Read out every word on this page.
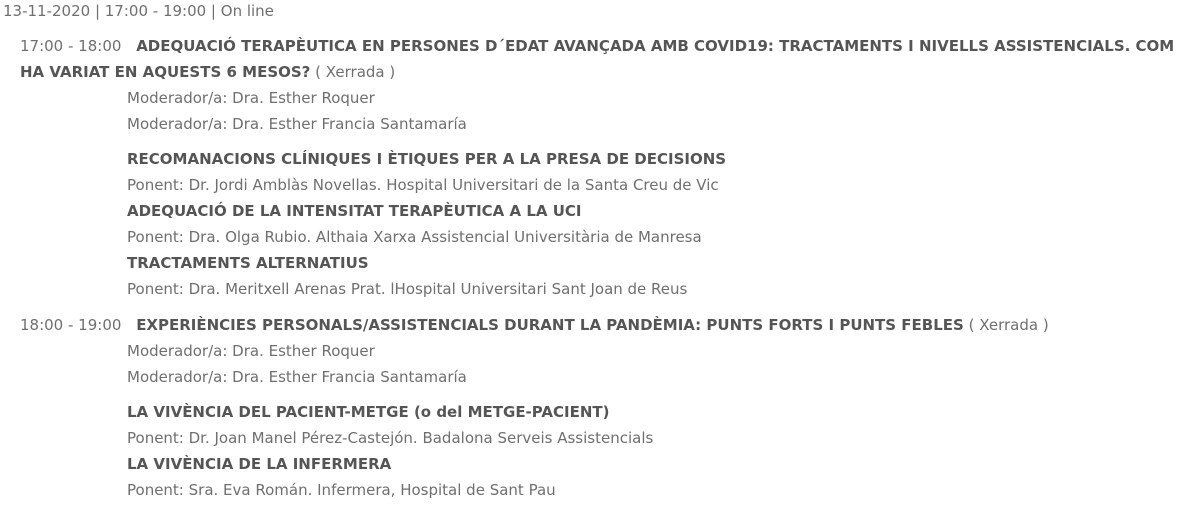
13-11-2020 | 17:00 - 19:00 | On line
17:00 - 18:00 ADEQUACIÓ TERAPÈUTICA EN PERSONES D´EDAT AVANÇADA AMB COVID19: TRACTAMENTS I NIVELLS ASSISTENCIALS. COM HA VARIAT EN AQUESTS 6 MESOS? ( Xerrada )
Moderador/a: Dra. Esther Roquer
Moderador/a: Dra. Esther Francia Santamaría
RECOMANACIONS CLÍNIQUES I ÈTIQUES PER A LA PRESA DE DECISIONS
Ponent: Dr. Jordi Amblàs Novellas. Hospital Universitari de la Santa Creu de Vic
ADEQUACIÓ DE LA INTENSITAT TERAPÈUTICA A LA UCI
Ponent: Dra. Olga Rubio. Althaia Xarxa Assistencial Universitària de Manresa
TRACTAMENTS ALTERNATIUS
Ponent: Dra. Meritxell Arenas Prat. lHospital Universitari Sant Joan de Reus
18:00 - 19:00 EXPERIÈNCIES PERSONALS/ASSISTENCIALS DURANT LA PANDÈMIA: PUNTS FORTS I PUNTS FEBLES ( Xerrada )
Moderador/a: Dra. Esther Roquer
Moderador/a: Dra. Esther Francia Santamaría
LA VIVÈNCIA DEL PACIENT-METGE (o del METGE-PACIENT)
Ponent: Dr. Joan Manel Pérez-Castejón. Badalona Serveis Assistencials
LA VIVÈNCIA DE LA INFERMERA
Ponent: Sra. Eva Román. Infermera, Hospital de Sant Pau
